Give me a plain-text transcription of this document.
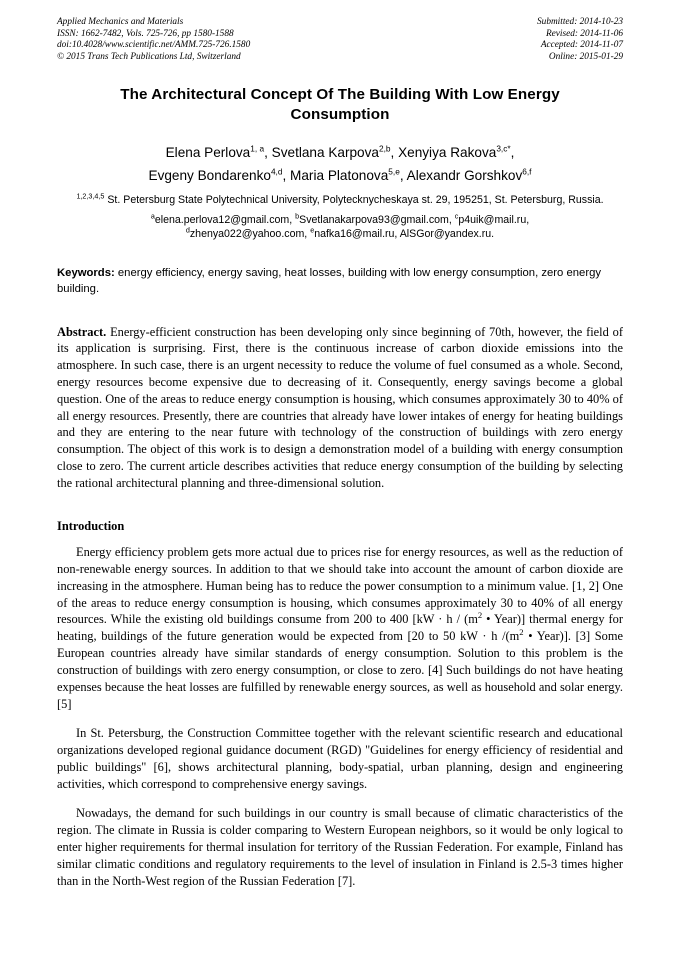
Applied Mechanics and Materials
ISSN: 1662-7482, Vols. 725-726, pp 1580-1588
doi:10.4028/www.scientific.net/AMM.725-726.1580
© 2015 Trans Tech Publications Ltd, Switzerland
Submitted: 2014-10-23
Revised: 2014-11-06
Accepted: 2014-11-07
Online: 2015-01-29
The Architectural Concept Of The Building With Low Energy Consumption
Elena Perlova$^{1, a}$, Svetlana Karpova$^{2,b}$, Xenyiya Rakova$^{3,c*}$,
Evgeny Bondarenko$^{4,d}$, Maria Platonova$^{5,e}$, Alexandr Gorshkov$^{6,f}$
$^{1,2,3,4,5}$ St. Petersburg State Polytechnical University, Polytecknycheskaya st. 29, 195251, St. Petersburg, Russia.
$^a$elena.perlova12@gmail.com, $^b$Svetlanakarpova93@gmail.com, $^c$p4uik@mail.ru,
$^d$zhenya022@yahoo.com, $^e$nafka16@mail.ru, AlSGor@yandex.ru.

Keywords: energy efficiency, energy saving, heat losses, building with low energy consumption, zero energy building.

Abstract. Energy-efficient construction has been developing only since beginning of 70th, however, the field of its application is surprising. First, there is the continuous increase of carbon dioxide emissions into the atmosphere. In such case, there is an urgent necessity to reduce the volume of fuel consumed as a whole. Second, energy resources become expensive due to decreasing of it. Consequently, energy savings become a global question. One of the areas to reduce energy consumption is housing, which consumes approximately 30 to 40% of all energy resources. Presently, there are countries that already have lower intakes of energy for heating buildings and they are entering to the near future with technology of the construction of buildings with zero energy consumption. The object of this work is to design a demonstration model of a building with energy consumption close to zero. The current article describes activities that reduce energy consumption of the building by selecting the rational architectural planning and three-dimensional solution.

Introduction

Energy efficiency problem gets more actual due to prices rise for energy resources, as well as the reduction of non-renewable energy sources. In addition to that we should take into account the amount of carbon dioxide are increasing in the atmosphere. Human being has to reduce the power consumption to a minimum value. [1, 2] One of the areas to reduce energy consumption is housing, which consumes approximately 30 to 40% of all energy resources. While the existing old buildings consume from 200 to 400 [$kW \cdot h / (m^2$ • Year)] thermal energy for heating, buildings of the future generation would be expected from [20 to 50 kW · h $/(m^2$ • Year)]. [3] Some European countries already have similar standards of energy consumption. Solution to this problem is the construction of buildings with zero energy consumption, or close to zero. [4] Such buildings do not have heating expenses because the heat losses are fulfilled by renewable energy sources, as well as household and solar energy. [5]

In St. Petersburg, the Construction Committee together with the relevant scientific research and educational organizations developed regional guidance document (RGD) "Guidelines for energy efficiency of residential and public buildings" [6], shows architectural planning, body-spatial, urban planning, design and engineering activities, which correspond to comprehensive energy savings.

Nowadays, the demand for such buildings in our country is small because of climatic characteristics of the region. The climate in Russia is colder comparing to Western European neighbors, so it would be only logical to enter higher requirements for thermal insulation for territory of the Russian Federation. For example, Finland has similar climatic conditions and regulatory requirements to the level of insulation in Finland is 2.5-3 times higher than in the North-West region of the Russian Federation [7].
